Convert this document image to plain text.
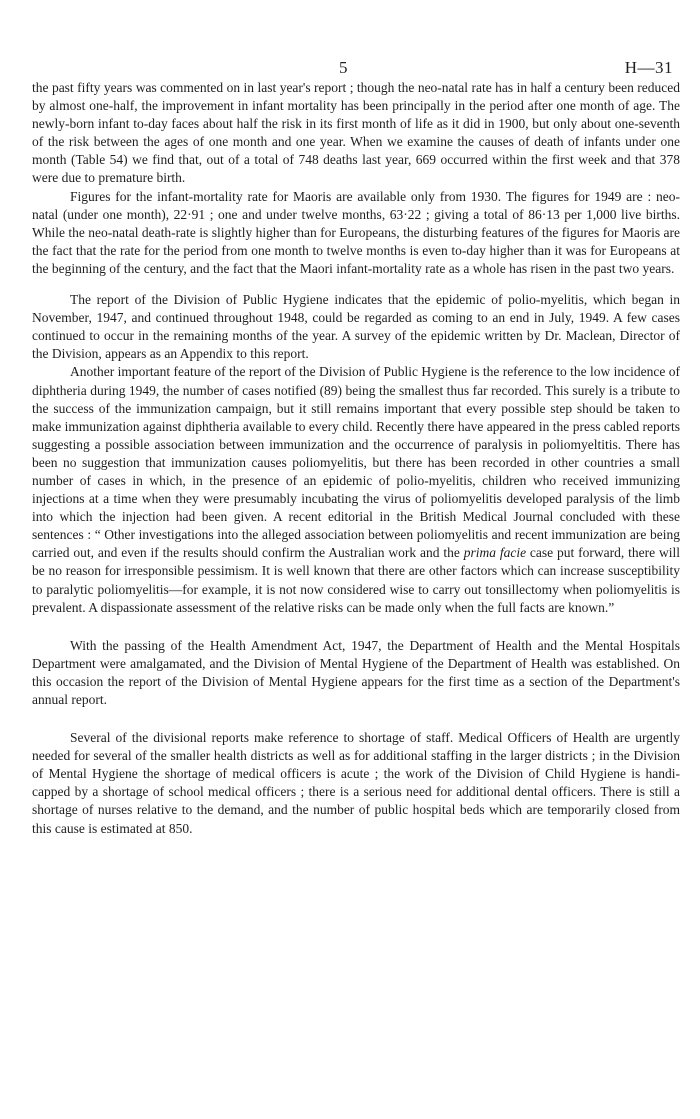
5	H—31

the past fifty years was commented on in last year's report ; though the neo-natal rate has in half a century been reduced by almost one-half, the improvement in infant mortality has been principally in the period after one month of age. The newly-born infant to-day faces about half the risk in its first month of life as it did in 1900, but only about one-seventh of the risk between the ages of one month and one year. When we examine the causes of death of infants under one month (Table 54) we find that, out of a total of 748 deaths last year, 669 occurred within the first week and that 378 were due to premature birth.

Figures for the infant-mortality rate for Maoris are available only from 1930. The figures for 1949 are : neo-natal (under one month), 22·91 ; one and under twelve months, 63·22 ; giving a total of 86·13 per 1,000 live births. While the neo-natal death-rate is slightly higher than for Europeans, the disturbing features of the figures for Maoris are the fact that the rate for the period from one month to twelve months is even to-day higher than it was for Europeans at the beginning of the century, and the fact that the Maori infant-mortality rate as a whole has risen in the past two years.

The report of the Division of Public Hygiene indicates that the epidemic of polio-myelitis, which began in November, 1947, and continued throughout 1948, could be regarded as coming to an end in July, 1949. A few cases continued to occur in the remaining months of the year. A survey of the epidemic written by Dr. Maclean, Director of the Division, appears as an Appendix to this report.

Another important feature of the report of the Division of Public Hygiene is the reference to the low incidence of diphtheria during 1949, the number of cases notified (89) being the smallest thus far recorded. This surely is a tribute to the success of the immunization campaign, but it still remains important that every possible step should be taken to make immunization against diphtheria available to every child. Recently there have appeared in the press cabled reports suggesting a possible association between immunization and the occurrence of paralysis in poliomyeltitis. There has been no suggestion that immunization causes poliomyelitis, but there has been recorded in other countries a small number of cases in which, in the presence of an epidemic of polio-myelitis, children who received immunizing injections at a time when they were presumably incubating the virus of poliomyelitis developed paralysis of the limb into which the injection had been given. A recent editorial in the British Medical Journal concluded with these sentences : “ Other investigations into the alleged association between poliomyelitis and recent immunization are being carried out, and even if the results should confirm the Australian work and the prima facie case put forward, there will be no reason for irresponsible pessimism. It is well known that there are other factors which can increase susceptibility to paralytic poliomyelitis—for example, it is not now considered wise to carry out tonsillectomy when poliomyelitis is prevalent. A dispassionate assessment of the relative risks can be made only when the full facts are known.”

With the passing of the Health Amendment Act, 1947, the Department of Health and the Mental Hospitals Department were amalgamated, and the Division of Mental Hygiene of the Department of Health was established. On this occasion the report of the Division of Mental Hygiene appears for the first time as a section of the Department's annual report.

Several of the divisional reports make reference to shortage of staff. Medical Officers of Health are urgently needed for several of the smaller health districts as well as for additional staffing in the larger districts ; in the Division of Mental Hygiene the shortage of medical officers is acute ; the work of the Division of Child Hygiene is handi-capped by a shortage of school medical officers ; there is a serious need for additional dental officers. There is still a shortage of nurses relative to the demand, and the number of public hospital beds which are temporarily closed from this cause is estimated at 850.
